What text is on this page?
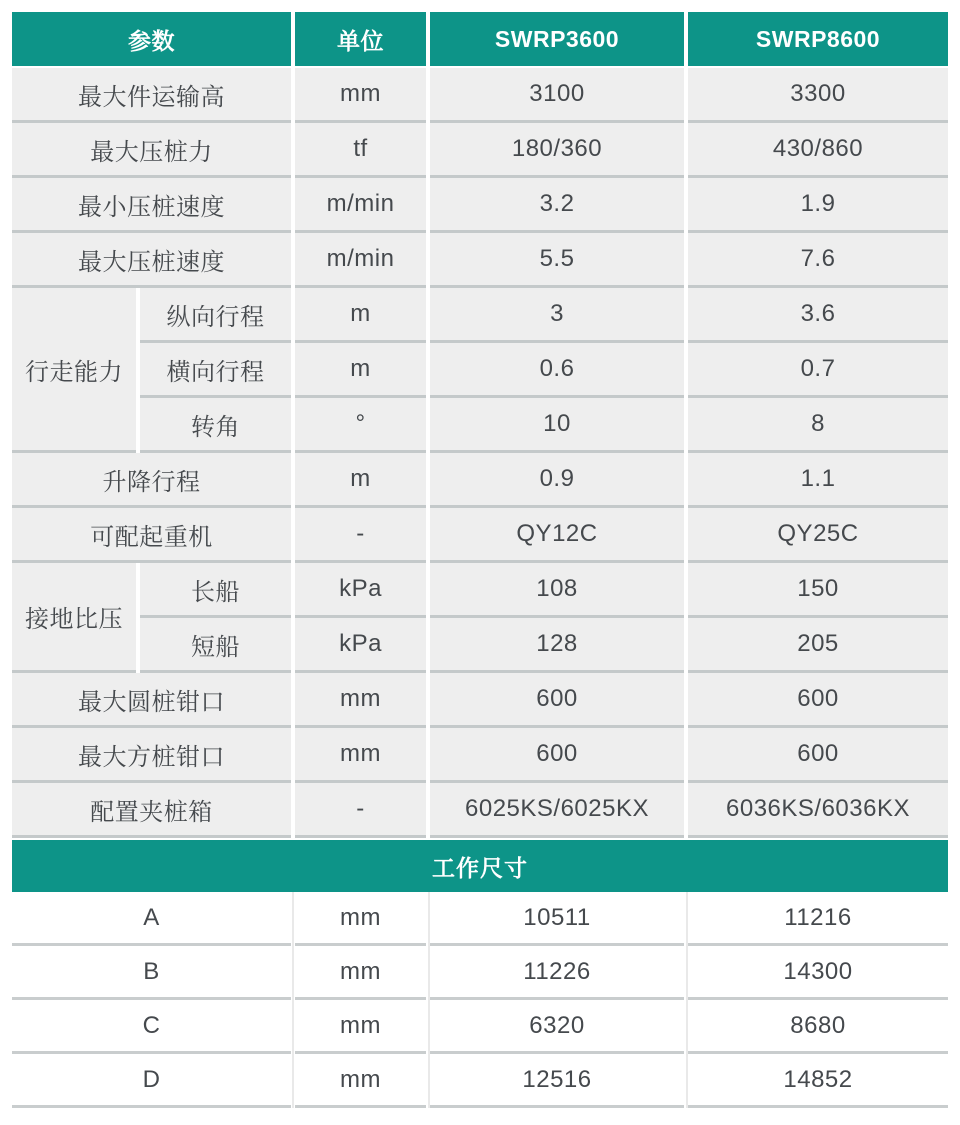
参数	单位	SWRP3600	SWRP8600
最大件运输高	mm	3100	3300
最大压桩力	tf	180/360	430/860
最小压桩速度	m/min	3.2	1.9
最大压桩速度	m/min	5.5	7.6
行走能力
纵向行程	m	3	3.6
横向行程	m	0.6	0.7
转角	°	10	8
升降行程	m	0.9	1.1
可配起重机	-	QY12C	QY25C
接地比压
长船	kPa	108	150
短船	kPa	128	205
最大圆桩钳口	mm	600	600
最大方桩钳口	mm	600	600
配置夹桩箱	-	6025KS/6025KX	6036KS/6036KX
工作尺寸
A	mm	10511	11216
B	mm	11226	14300
C	mm	6320	8680
D	mm	12516	14852
